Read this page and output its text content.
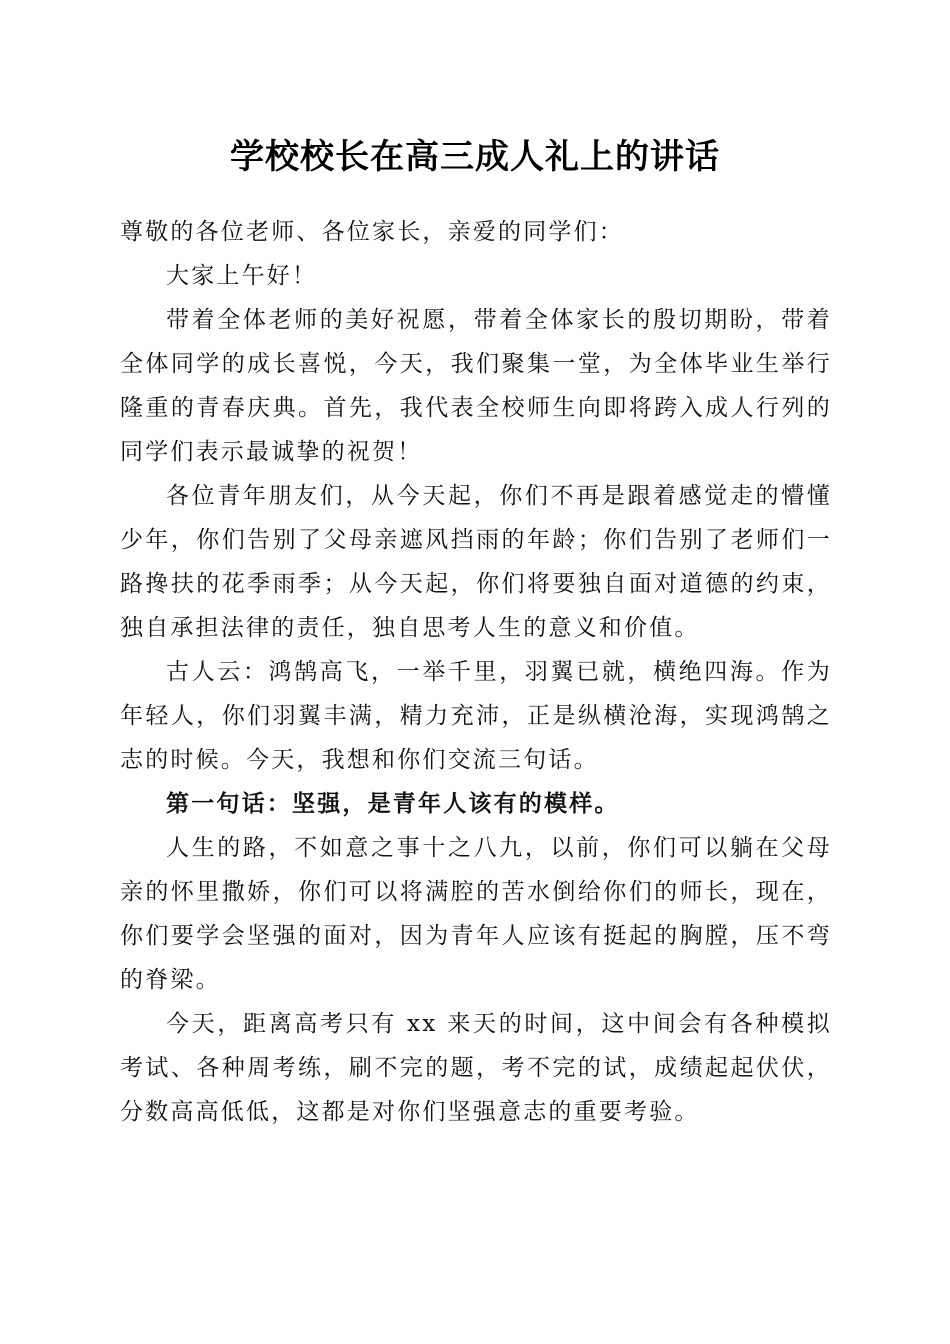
学校校长在高三成人礼上的讲话

尊敬的各位老师、各位家长，亲爱的同学们：

大家上午好！

带着全体老师的美好祝愿，带着全体家长的殷切期盼，带着全体同学的成长喜悦，今天，我们聚集一堂，为全体毕业生举行隆重的青春庆典。首先，我代表全校师生向即将跨入成人行列的同学们表示最诚挚的祝贺！

各位青年朋友们，从今天起，你们不再是跟着感觉走的懵懂少年，你们告别了父母亲遮风挡雨的年龄；你们告别了老师们一路搀扶的花季雨季；从今天起，你们将要独自面对道德的约束，独自承担法律的责任，独自思考人生的意义和价值。

古人云：鸿鹄高飞，一举千里，羽翼已就，横绝四海。作为年轻人，你们羽翼丰满，精力充沛，正是纵横沧海，实现鸿鹄之志的时候。今天，我想和你们交流三句话。

第一句话：坚强，是青年人该有的模样。

人生的路，不如意之事十之八九，以前，你们可以躺在父母亲的怀里撒娇，你们可以将满腔的苦水倒给你们的师长，现在，你们要学会坚强的面对，因为青年人应该有挺起的胸膛，压不弯的脊梁。

今天，距离高考只有 xx 来天的时间，这中间会有各种模拟考试、各种周考练，刷不完的题，考不完的试，成绩起起伏伏，分数高高低低，这都是对你们坚强意志的重要考验。
